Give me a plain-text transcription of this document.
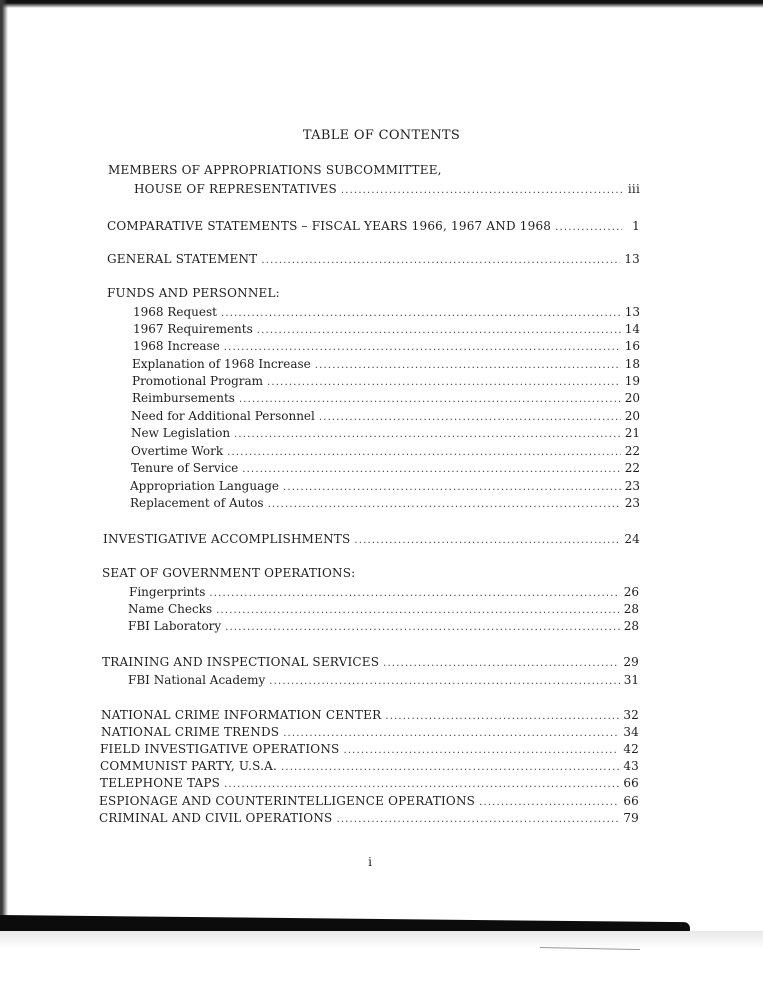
TABLE OF CONTENTS
MEMBERS OF APPROPRIATIONS SUBCOMMITTEE,
HOUSE OF REPRESENTATIVES . . .	iii
COMPARATIVE STATEMENTS – FISCAL YEARS 1966, 1967 AND 1968 . . .	1
GENERAL STATEMENT . . .	13
FUNDS AND PERSONNEL:
1968 Request . . .	13
1967 Requirements . . .	14
1968 Increase . . .	16
Explanation of 1968 Increase . . .	18
Promotional Program . . .	19
Reimbursements . . .	20
Need for Additional Personnel . . .	20
New Legislation . . .	21
Overtime Work . . .	22
Tenure of Service . . .	22
Appropriation Language . . .	23
Replacement of Autos . . .	23
INVESTIGATIVE ACCOMPLISHMENTS . . .	24
SEAT OF GOVERNMENT OPERATIONS:
Fingerprints . . .	26
Name Checks . . .	28
FBI Laboratory . . .	28
TRAINING AND INSPECTIONAL SERVICES . . .	29
FBI National Academy . . .	31
NATIONAL CRIME INFORMATION CENTER . . .	32
NATIONAL CRIME TRENDS . . .	34
FIELD INVESTIGATIVE OPERATIONS . . .	42
COMMUNIST PARTY, U.S.A. . . .	43
TELEPHONE TAPS . . .	66
ESPIONAGE AND COUNTERINTELLIGENCE OPERATIONS . . .	66
CRIMINAL AND CIVIL OPERATIONS . . .	79
i
